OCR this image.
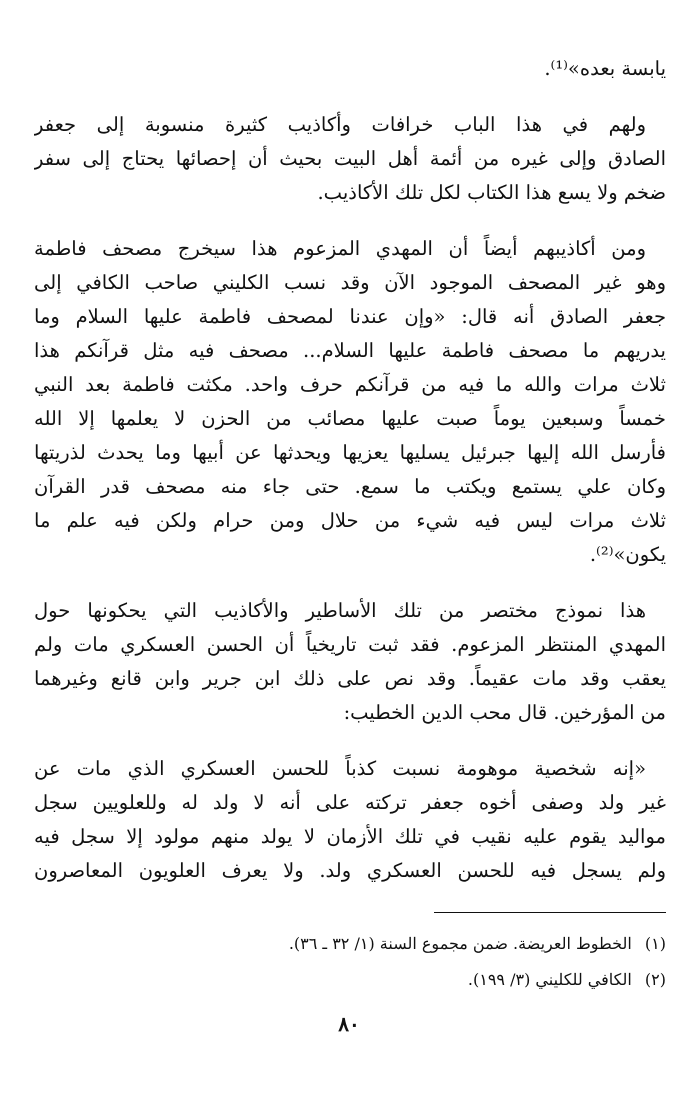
يابسة بعده»⁽¹⁾.

ولهم في هذا الباب خرافات وأكاذيب كثيرة منسوبة إلى جعفر
الصادق وإلى غيره من أئمة أهل البيت بحيث أن إحصائها يحتاج إلى سفر
ضخم ولا يسع هذا الكتاب لكل تلك الأكاذيب.

ومن أكاذيبهم أيضاً أن المهدي المزعوم هذا سيخرج مصحف فاطمة
وهو غير المصحف الموجود الآن وقد نسب الكليني صاحب الكافي إلى
جعفر الصادق أنه قال: «وإن عندنا لمصحف فاطمة عليها السلام وما
يدريهم ما مصحف فاطمة عليها السلام... مصحف فيه مثل قرآنكم هذا
ثلاث مرات والله ما فيه من قرآنكم حرف واحد. مكثت فاطمة بعد النبي
خمساً وسبعين يوماً صبت عليها مصائب من الحزن لا يعلمها إلا الله
فأرسل الله إليها جبرئيل يسليها يعزيها ويحدثها عن أبيها وما يحدث لذريتها
وكان علي يستمع ويكتب ما سمع. حتى جاء منه مصحف قدر القرآن
ثلاث مرات ليس فيه شيء من حلال ومن حرام ولكن فيه علم ما
يكون»⁽²⁾.

هذا نموذج مختصر من تلك الأساطير والأكاذيب التي يحكونها حول
المهدي المنتظر المزعوم. فقد ثبت تاريخياً أن الحسن العسكري مات ولم
يعقب وقد مات عقيماً. وقد نص على ذلك ابن جرير وابن قانع وغيرهما
من المؤرخين. قال محب الدين الخطيب:

«إنه شخصية موهومة نسبت كذباً للحسن العسكري الذي مات عن
غير ولد وصفى أخوه جعفر تركته على أنه لا ولد له وللعلويين سجل
مواليد يقوم عليه نقيب في تلك الأزمان لا يولد منهم مولود إلا سجل فيه
ولم يسجل فيه للحسن العسكري ولد. ولا يعرف العلويون المعاصرون

(١) الخطوط العريضة. ضمن مجموع السنة (١/ ٣٢ ـ ٣٦).
(٢) الكافي للكليني (٣/ ١٩٩).
٨٠
